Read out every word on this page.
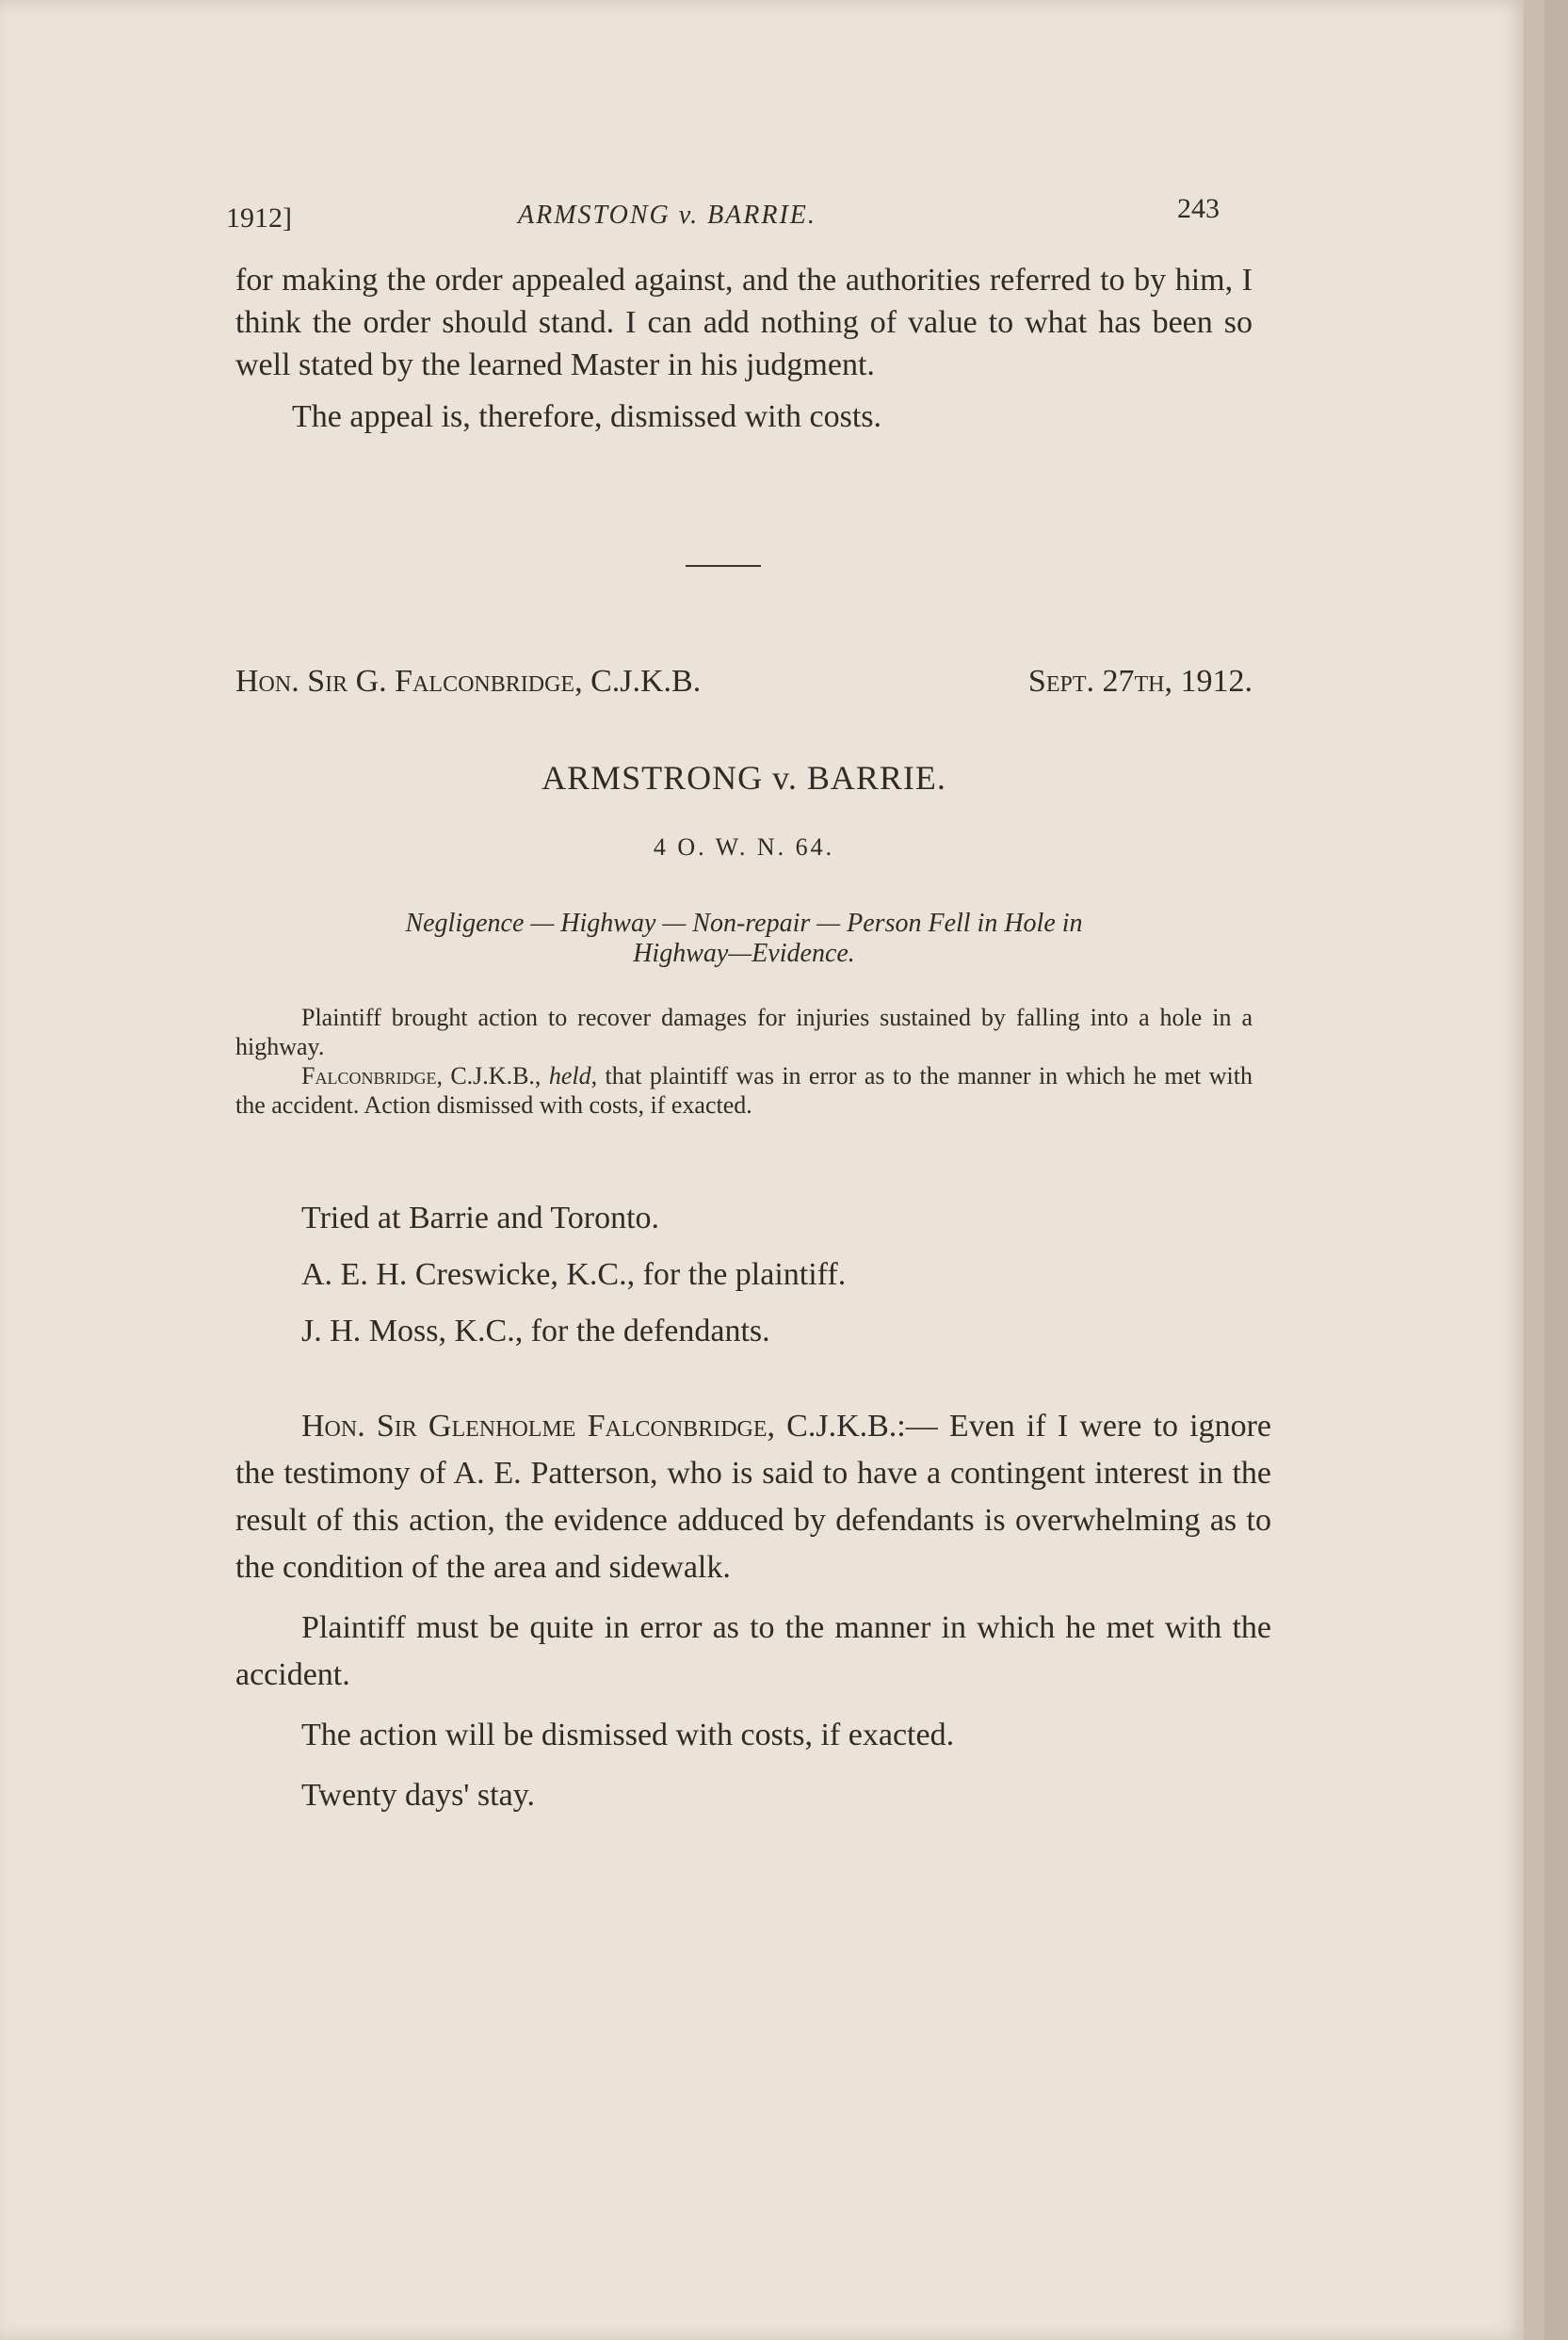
1912]	ARMSTONG v. BARRIE.	243

for making the order appealed against, and the authorities referred to by him, I think the order should stand. I can add nothing of value to what has been so well stated by the learned Master in his judgment.

The appeal is, therefore, dismissed with costs.

Hon. Sir G. Falconbridge, C.J.K.B.	Sept. 27th, 1912.
ARMSTRONG v. BARRIE.
4 O. W. N. 64.
Negligence — Highway — Non-repair — Person Fell in Hole in
Highway—Evidence.

Plaintiff brought action to recover damages for injuries sustained by falling into a hole in a highway.

Falconbridge, C.J.K.B., held, that plaintiff was in error as to the manner in which he met with the accident. Action dismissed with costs, if exacted.

Tried at Barrie and Toronto.

A. E. H. Creswicke, K.C., for the plaintiff.

J. H. Moss, K.C., for the defendants.

Hon. Sir Glenholme Falconbridge, C.J.K.B.:— Even if I were to ignore the testimony of A. E. Patterson, who is said to have a contingent interest in the result of this action, the evidence adduced by defendants is overwhelming as to the condition of the area and sidewalk.

Plaintiff must be quite in error as to the manner in which he met with the accident.

The action will be dismissed with costs, if exacted.

Twenty days' stay.
